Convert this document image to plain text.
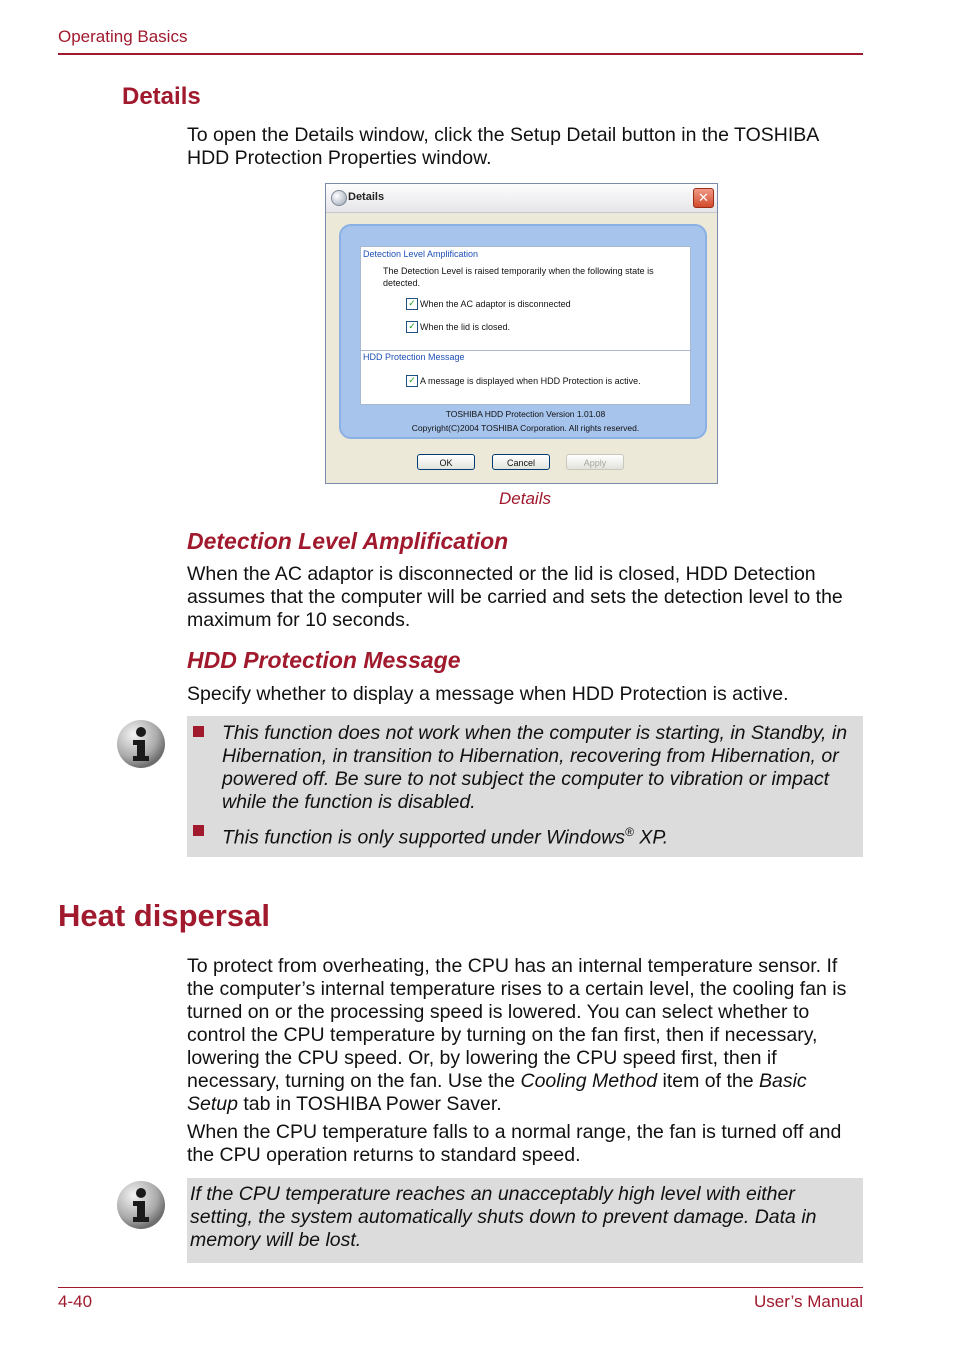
Operating Basics
Details

To open the Details window, click the Setup Detail button in the TOSHIBA HDD Protection Properties window.

Details	✕
Detection Level Amplification
The Detection Level is raised temporarily when the following state is detected.
✓ When the AC adaptor is disconnected
✓ When the lid is closed.
HDD Protection Message
✓ A message is displayed when HDD Protection is active.
TOSHIBA HDD Protection Version 1.01.08
Copyright(C)2004 TOSHIBA Corporation. All rights reserved.
OK	Cancel	Apply
Details
Detection Level Amplification

When the AC adaptor is disconnected or the lid is closed, HDD Detection assumes that the computer will be carried and sets the detection level to the maximum for 10 seconds.

HDD Protection Message

Specify whether to display a message when HDD Protection is active.

This function does not work when the computer is starting, in Standby, in Hibernation, in transition to Hibernation, recovering from Hibernation, or powered off. Be sure to not subject the computer to vibration or impact while the function is disabled.
This function is only supported under Windows® XP.
Heat dispersal

To protect from overheating, the CPU has an internal temperature sensor. If the computer’s internal temperature rises to a certain level, the cooling fan is turned on or the processing speed is lowered. You can select whether to control the CPU temperature by turning on the fan first, then if necessary, lowering the CPU speed. Or, by lowering the CPU speed first, then if necessary, turning on the fan. Use the Cooling Method item of the Basic Setup tab in TOSHIBA Power Saver.

When the CPU temperature falls to a normal range, the fan is turned off and the CPU operation returns to standard speed.

If the CPU temperature reaches an unacceptably high level with either setting, the system automatically shuts down to prevent damage. Data in memory will be lost.
4-40	User’s Manual
